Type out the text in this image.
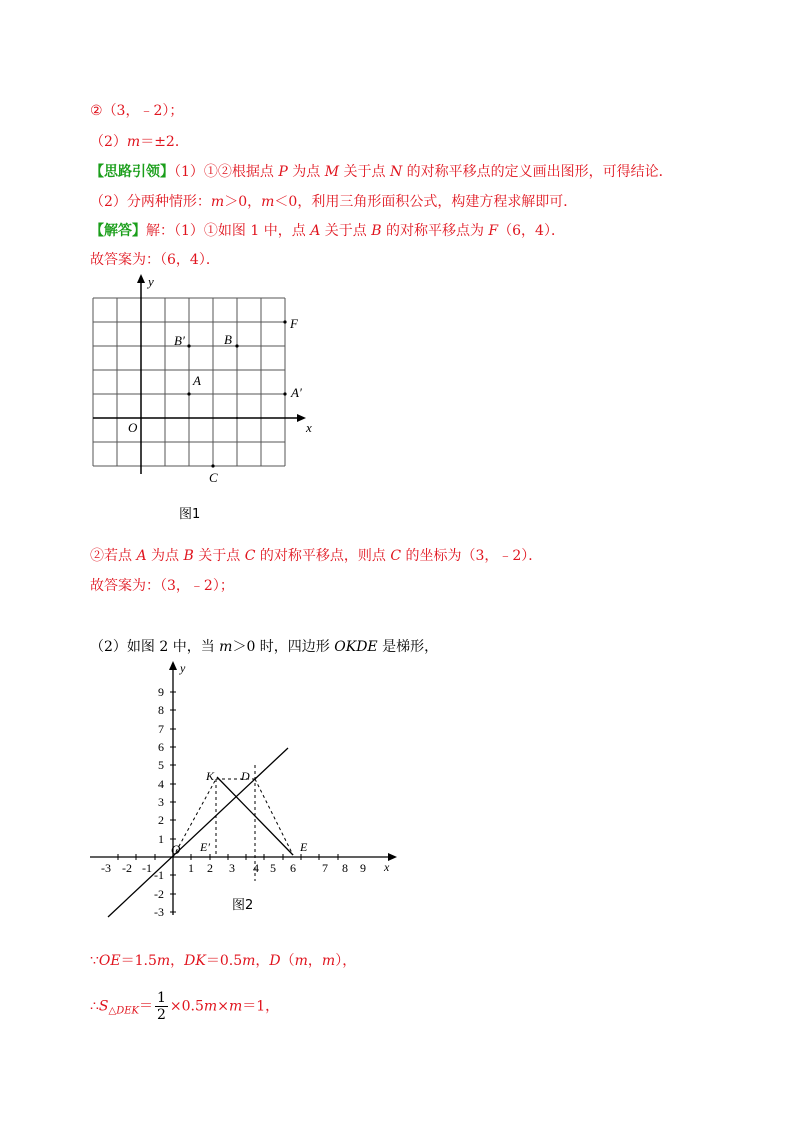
②（3，﹣2）；
（2）m＝±2．
【思路引领】（1）①②根据点 P 为点 M 关于点 N 的对称平移点的定义画出图形，可得结论．
（2）分两种情形：m＞0，m＜0，利用三角形面积公式，构建方程求解即可．
【解答】解：（1）①如图 1 中，点 A 关于点 B 的对称平移点为 F（6，4）．
故答案为：（6，4）．
y
x
O
F
B′	B
A
A′
C
图1
②若点 A 为点 B 关于点 C 的对称平移点，则点 C 的坐标为（3，﹣2）．
故答案为：（3，﹣2）；
（2）如图 2 中，当 m＞0 时，四边形 OKDE 是梯形，
-3 -2 -1	1 2 3 4 5 6 7 8 9
9
8
7
6
5
4
3
2
1
-1
-2
-3
y
x
O
K D
E
E′
图2
∵OE＝1.5m，DK＝0.5m，D（m，m），
$\therefore S_{\triangle DEK}= \frac{1}{2} \times 0.5m\times m=1$，
